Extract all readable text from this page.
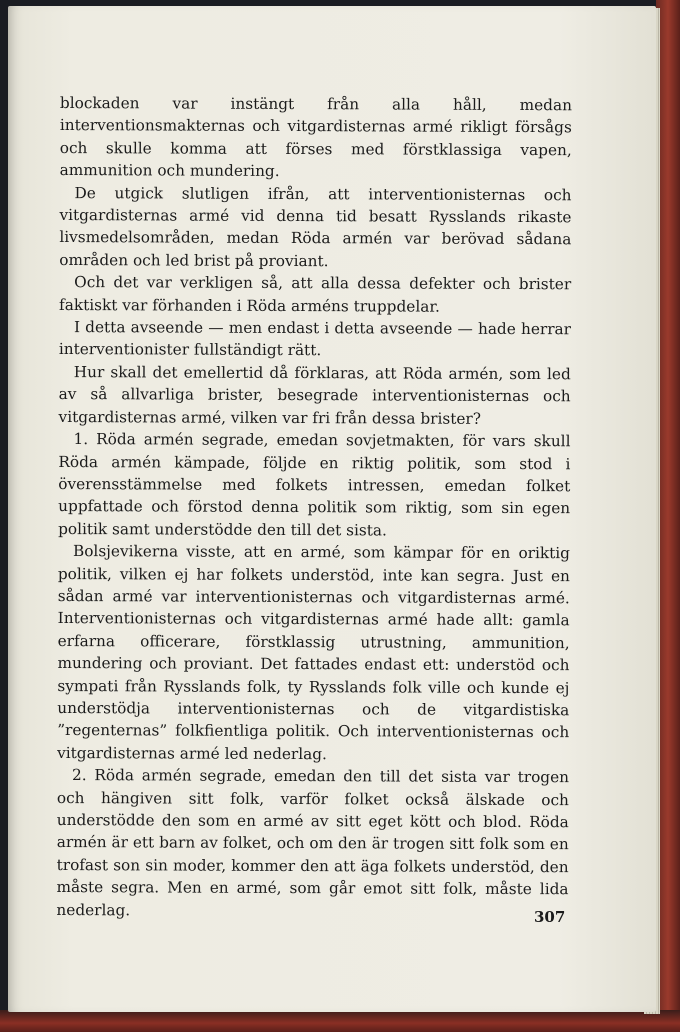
blockaden var instängt från alla håll, medan interventionsmakternas och vitgardisternas armé rikligt försågs och skulle komma att förses med förstklassiga vapen, ammunition och mundering.

De utgick slutligen ifrån, att interventionisternas och vitgardisternas armé vid denna tid besatt Rysslands rikaste livsmedelsområden, medan Röda armén var berövad sådana områden och led brist på proviant.

Och det var verkligen så, att alla dessa defekter och brister faktiskt var förhanden i Röda arméns truppdelar.

I detta avseende — men endast i detta avseende — hade herrar interventionister fullständigt rätt.

Hur skall det emellertid då förklaras, att Röda armén, som led av så allvarliga brister, besegrade interventionisternas och vitgardisternas armé, vilken var fri från dessa brister?

1. Röda armén segrade, emedan sovjetmakten, för vars skull Röda armén kämpade, följde en riktig politik, som stod i överensstämmelse med folkets intressen, emedan folket uppfattade och förstod denna politik som riktig, som sin egen politik samt understödde den till det sista.

Bolsjevikerna visste, att en armé, som kämpar för en oriktig politik, vilken ej har folkets understöd, inte kan segra. Just en sådan armé var interventionisternas och vitgardisternas armé. Interventionisternas och vitgardisternas armé hade allt: gamla erfarna officerare, förstklassig utrustning, ammunition, mundering och proviant. Det fattades endast ett: understöd och sympati från Rysslands folk, ty Rysslands folk ville och kunde ej understödja interventionisternas och de vitgardistiska ”regenternas” folkfientliga politik. Och interventionisternas och vitgardisternas armé led nederlag.

2. Röda armén segrade, emedan den till det sista var trogen och hängiven sitt folk, varför folket också älskade och understödde den som en armé av sitt eget kött och blod. Röda armén är ett barn av folket, och om den är trogen sitt folk som en trofast son sin moder, kommer den att äga folkets understöd, den måste segra. Men en armé, som går emot sitt folk, måste lida nederlag.	307
